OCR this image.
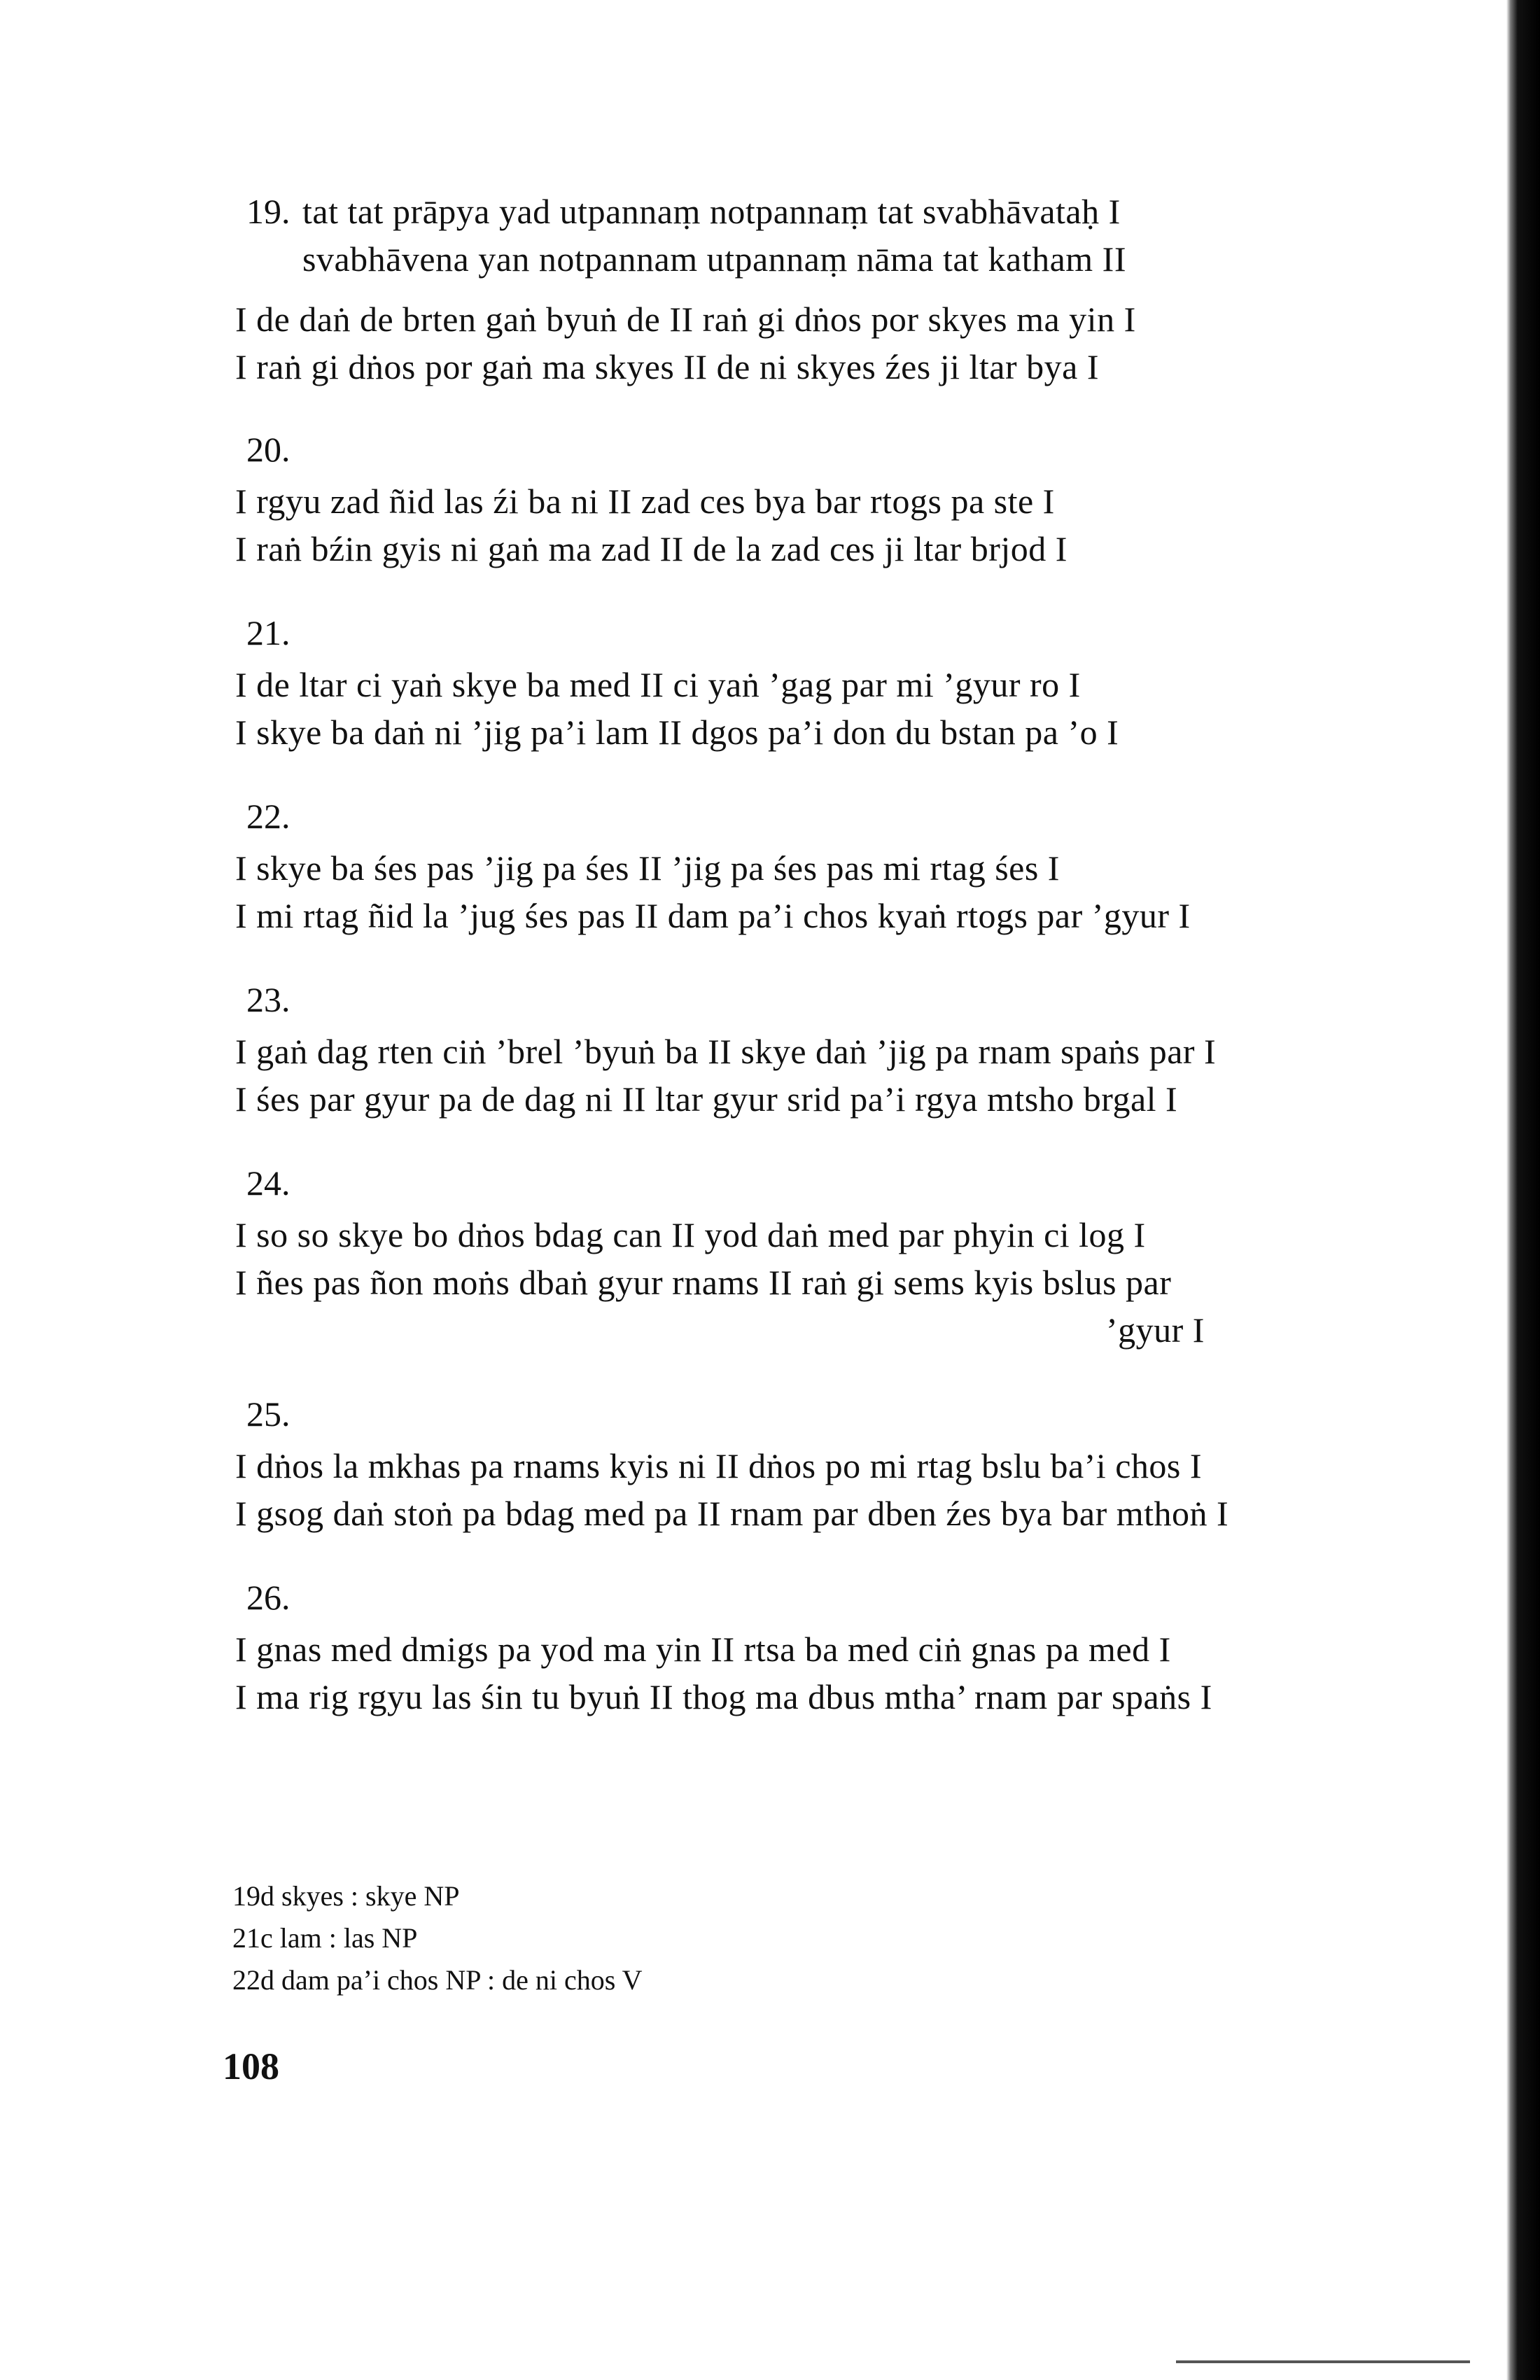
19. tat tat prāpya yad utpannaṃ notpannaṃ tat svabhāvataḥ I
svabhāvena yan notpannam utpannaṃ nāma tat katham II
I de daṅ de brten gaṅ byuṅ de II raṅ gi dṅos por skyes ma yin I
I raṅ gi dṅos por gaṅ ma skyes II de ni skyes źes ji ltar bya I
20.
I rgyu zad ñid las źi ba ni II zad ces bya bar rtogs pa ste I
I raṅ bźin gyis ni gaṅ ma zad II de la zad ces ji ltar brjod I
21.
I de ltar ci yaṅ skye ba med II ci yaṅ ’gag par mi ’gyur ro I
I skye ba daṅ ni ’jig pa’i lam II dgos pa’i don du bstan pa ’o I
22.
I skye ba śes pas ’jig pa śes II ’jig pa śes pas mi rtag śes I
I mi rtag ñid la ’jug śes pas II dam pa’i chos kyaṅ rtogs par ’gyur I
23.
I gaṅ dag rten ciṅ ’brel ’byuṅ ba II skye daṅ ’jig pa rnam spaṅs par I
I śes par gyur pa de dag ni II ltar gyur srid pa’i rgya mtsho brgal I
24.
I so so skye bo dṅos bdag can II yod daṅ med par phyin ci log I
I ñes pas ñon moṅs dbaṅ gyur rnams II raṅ gi sems kyis bslus par
’gyur I
25.
I dṅos la mkhas pa rnams kyis ni II dṅos po mi rtag bslu ba’i chos I
I gsog daṅ stoṅ pa bdag med pa II rnam par dben źes bya bar mthoṅ I
26.
I gnas med dmigs pa yod ma yin II rtsa ba med ciṅ gnas pa med I
I ma rig rgyu las śin tu byuṅ II thog ma dbus mtha’ rnam par spaṅs I
19d skyes : skye NP
21c lam : las NP
22d dam pa’i chos NP : de ni chos V
108
